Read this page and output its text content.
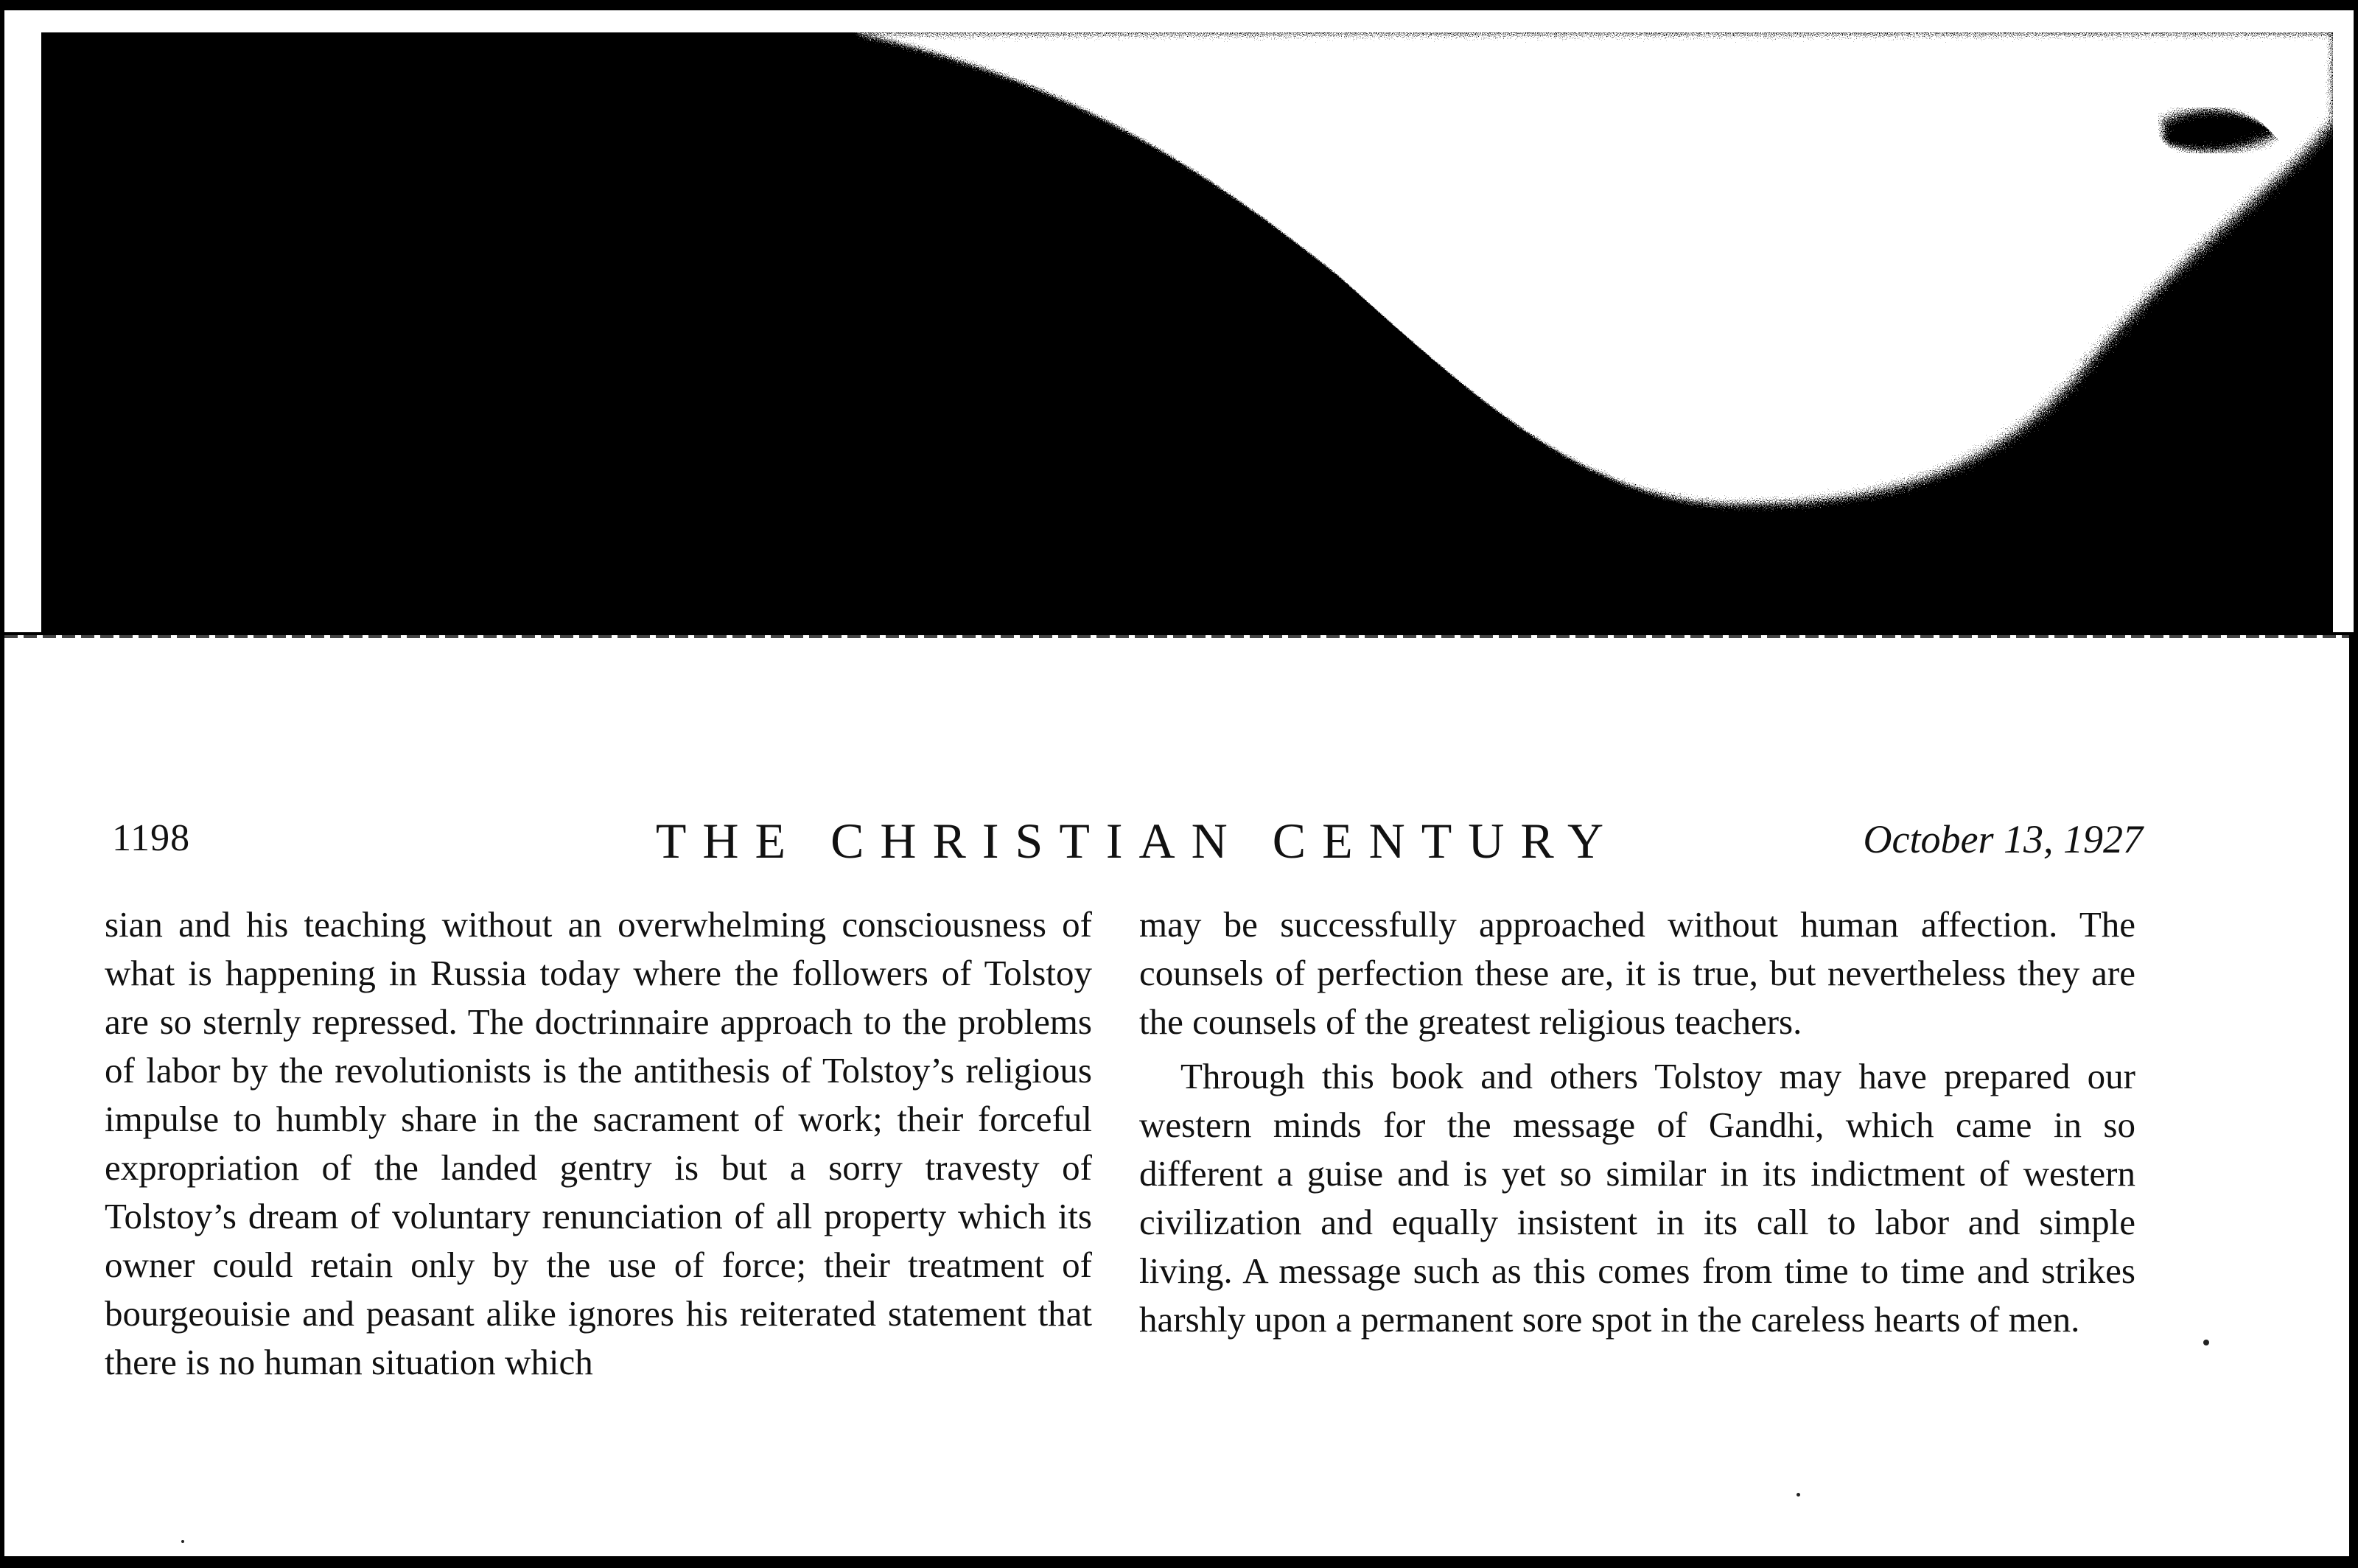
1198	THE CHRISTIAN CENTURY	October 13, 1927

sian and his teaching without an overwhelming consciousness of what is happening in Russia today where the followers of Tolstoy are so sternly repressed. The doctrinnaire approach to the problems of labor by the revolutionists is the antithesis of Tolstoy’s religious impulse to humbly share in the sacrament of work; their forceful expropriation of the landed gentry is but a sorry travesty of Tolstoy’s dream of voluntary renunciation of all property which its owner could retain only by the use of force; their treatment of bourgeouisie and peasant alike ignores his reiterated statement that there is no human situation which

may be successfully approached without human affection. The counsels of perfection these are, it is true, but nevertheless they are the counsels of the greatest religious teachers.

Through this book and others Tolstoy may have prepared our western minds for the message of Gandhi, which came in so different a guise and is yet so similar in its indictment of western civilization and equally insistent in its call to labor and simple living. A message such as this comes from time to time and strikes harshly upon a permanent sore spot in the careless hearts of men.
